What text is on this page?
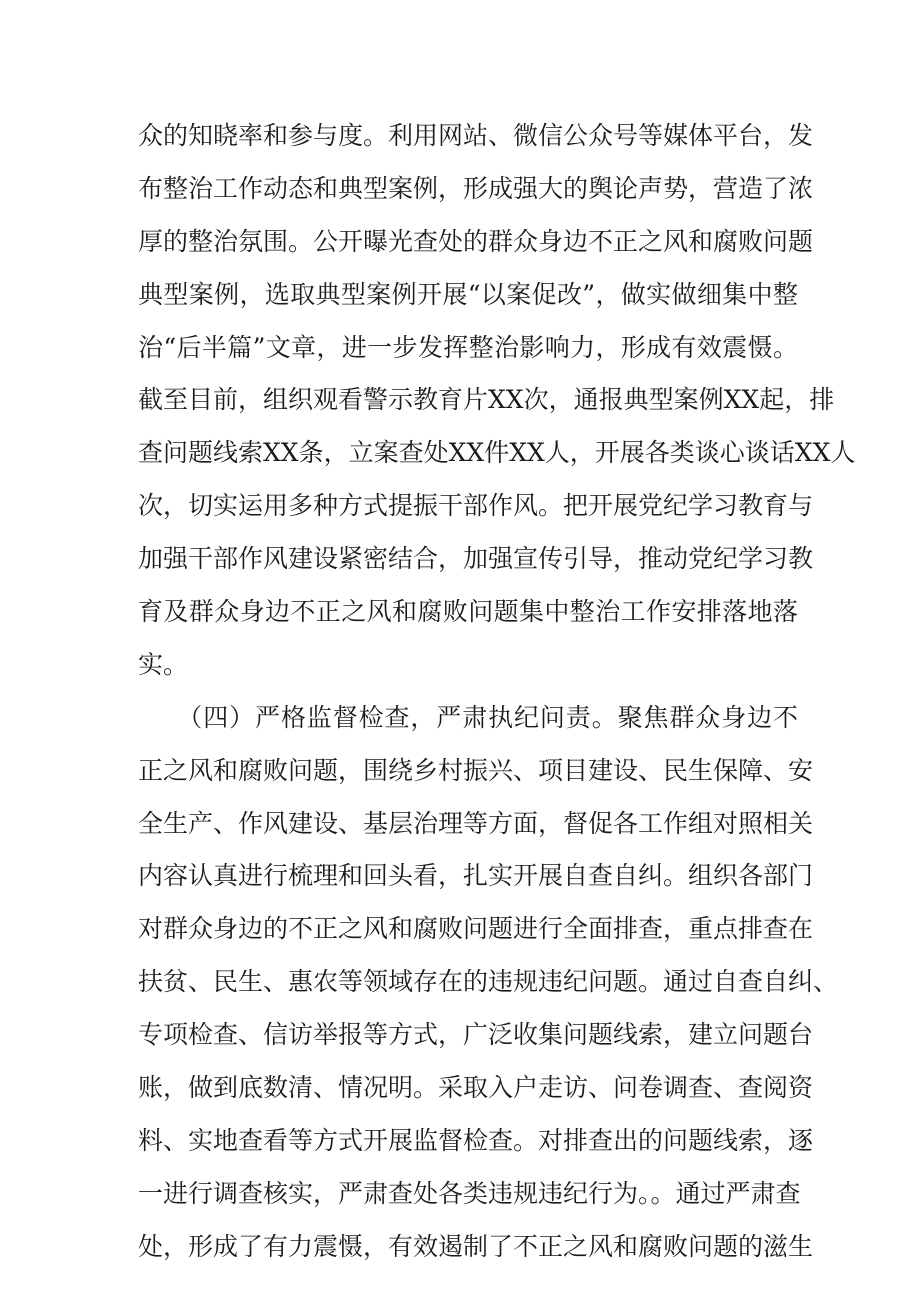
众的知晓率和参与度。利用网站、微信公众号等媒体平台，发
布整治工作动态和典型案例，形成强大的舆论声势，营造了浓
厚的整治氛围。公开曝光查处的群众身边不正之风和腐败问题
典型案例，选取典型案例开展“以案促改”，做实做细集中整
治“后半篇”文章，进一步发挥整治影响力，形成有效震慑。
截至目前，组织观看警示教育片XX次，通报典型案例XX起，排
查问题线索XX条，立案查处XX件XX人，开展各类谈心谈话XX人
次，切实运用多种方式提振干部作风。把开展党纪学习教育与
加强干部作风建设紧密结合，加强宣传引导，推动党纪学习教
育及群众身边不正之风和腐败问题集中整治工作安排落地落
实。
　　（四）严格监督检查，严肃执纪问责。聚焦群众身边不
正之风和腐败问题，围绕乡村振兴、项目建设、民生保障、安
全生产、作风建设、基层治理等方面，督促各工作组对照相关
内容认真进行梳理和回头看，扎实开展自查自纠。组织各部门
对群众身边的不正之风和腐败问题进行全面排查，重点排查在
扶贫、民生、惠农等领域存在的违规违纪问题。通过自查自纠、
专项检查、信访举报等方式，广泛收集问题线索，建立问题台
账，做到底数清、情况明。采取入户走访、问卷调查、查阅资
料、实地查看等方式开展监督检查。对排查出的问题线索，逐
一进行调查核实，严肃查处各类违规违纪行为。。通过严肃查
处，形成了有力震慑，有效遏制了不正之风和腐败问题的滋生
